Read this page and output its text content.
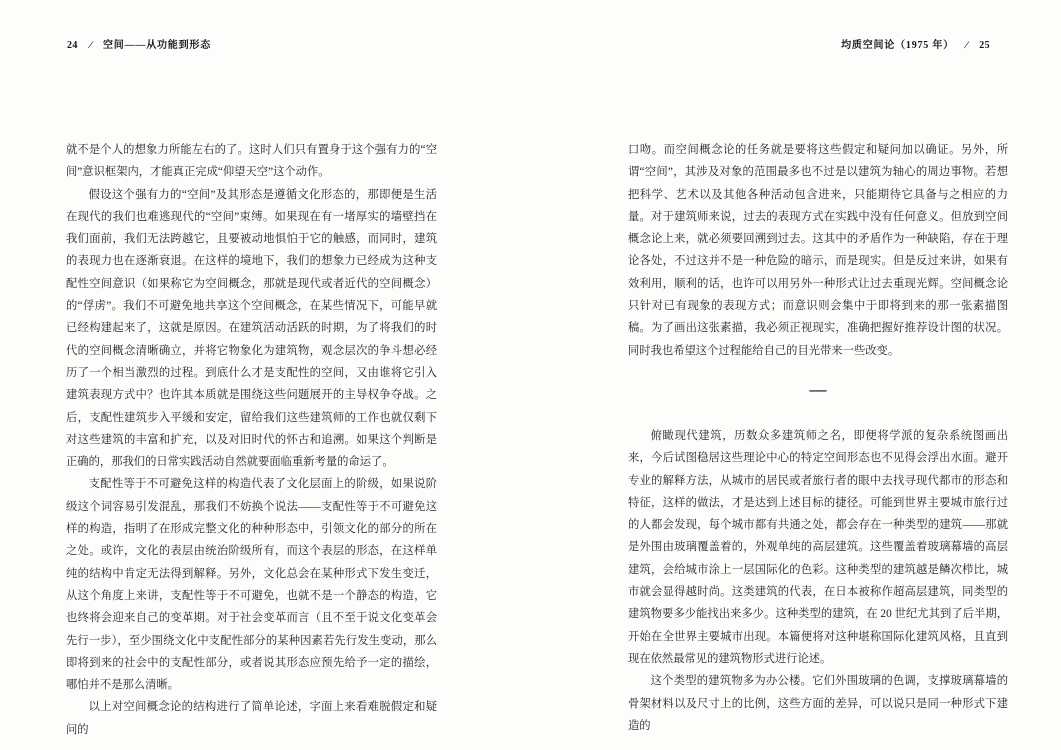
24 / 空间——从功能到形态

就不是个人的想象力所能左右的了。这时人们只有置身于这个强有力的“空间”意识框架内，才能真正完成“仰望天空”这个动作。

假设这个强有力的“空间”及其形态是遵循文化形态的，那即便是生活在现代的我们也难逃现代的“空间”束缚。如果现在有一堵厚实的墙壁挡在我们面前，我们无法跨越它，且要被动地惧怕于它的触感，而同时，建筑的表现力也在逐渐衰退。在这样的境地下，我们的想象力已经成为这种支配性空间意识（如果称它为空间概念，那就是现代或者近代的空间概念）的“俘虏”。我们不可避免地共享这个空间概念，在某些情况下，可能早就已经构建起来了，这就是原因。在建筑活动活跃的时期，为了将我们的时代的空间概念清晰确立，并将它物象化为建筑物，观念层次的争斗想必经历了一个相当激烈的过程。到底什么才是支配性的空间，又由谁将它引入建筑表现方式中？也许其本质就是围绕这些问题展开的主导权争夺战。之后，支配性建筑步入平缓和安定，留给我们这些建筑师的工作也就仅剩下对这些建筑的丰富和扩充，以及对旧时代的怀古和追溯。如果这个判断是正确的，那我们的日常实践活动自然就要面临重新考量的命运了。

支配性等于不可避免这样的构造代表了文化层面上的阶级，如果说阶级这个词容易引发混乱，那我们不妨换个说法——支配性等于不可避免这样的构造，指明了在形成完整文化的种种形态中，引领文化的部分的所在之处。或许，文化的表层由统治阶级所有，而这个表层的形态，在这样单纯的结构中肯定无法得到解释。另外，文化总会在某种形式下发生变迁，从这个角度上来讲，支配性等于不可避免，也就不是一个静态的构造，它也终将会迎来自己的变革期。对于社会变革而言（且不至于说文化变革会先行一步），至少围绕文化中支配性部分的某种因素若先行发生变动，那么即将到来的社会中的支配性部分，或者说其形态应预先给予一定的描绘，哪怕并不是那么清晰。

以上对空间概念论的结构进行了简单论述，字面上来看难脱假定和疑问的

均质空间论（1975 年） / 25

口吻。而空间概念论的任务就是要将这些假定和疑问加以确证。另外，所谓“空间”，其涉及对象的范围最多也不过是以建筑为轴心的周边事物。若想把科学、艺术以及其他各种活动包含进来，只能期待它具备与之相应的力量。对于建筑师来说，过去的表现方式在实践中没有任何意义。但放到空间概念论上来，就必须要回溯到过去。这其中的矛盾作为一种缺陷，存在于理论各处，不过这并不是一种危险的暗示，而是现实。但是反过来讲，如果有效利用，顺利的话，也许可以用另外一种形式让过去重现光辉。空间概念论只针对已有现象的表现方式；而意识则会集中于即将到来的那一张素描图稿。为了画出这张素描，我必须正视现实，准确把握好推荐设计图的状况。同时我也希望这个过程能给自己的目光带来一些改变。

—

俯瞰现代建筑，历数众多建筑师之名，即便将学派的复杂系统图画出来，今后试图稳居这些理论中心的特定空间形态也不见得会浮出水面。避开专业的解释方法，从城市的居民或者旅行者的眼中去找寻现代都市的形态和特征，这样的做法，才是达到上述目标的捷径。可能到世界主要城市旅行过的人都会发现，每个城市都有共通之处，都会存在一种类型的建筑——那就是外围由玻璃覆盖着的，外观单纯的高层建筑。这些覆盖着玻璃幕墙的高层建筑，会给城市涂上一层国际化的色彩。这种类型的建筑越是鳞次栉比，城市就会显得越时尚。这类建筑的代表，在日本被称作超高层建筑，同类型的建筑物要多少能找出来多少。这种类型的建筑，在 20 世纪尤其到了后半期，开始在全世界主要城市出现。本篇便将对这种堪称国际化建筑风格，且直到现在依然最常见的建筑物形式进行论述。

这个类型的建筑物多为办公楼。它们外围玻璃的色调，支撑玻璃幕墙的骨架材料以及尺寸上的比例，这些方面的差异，可以说只是同一种形式下建造的
